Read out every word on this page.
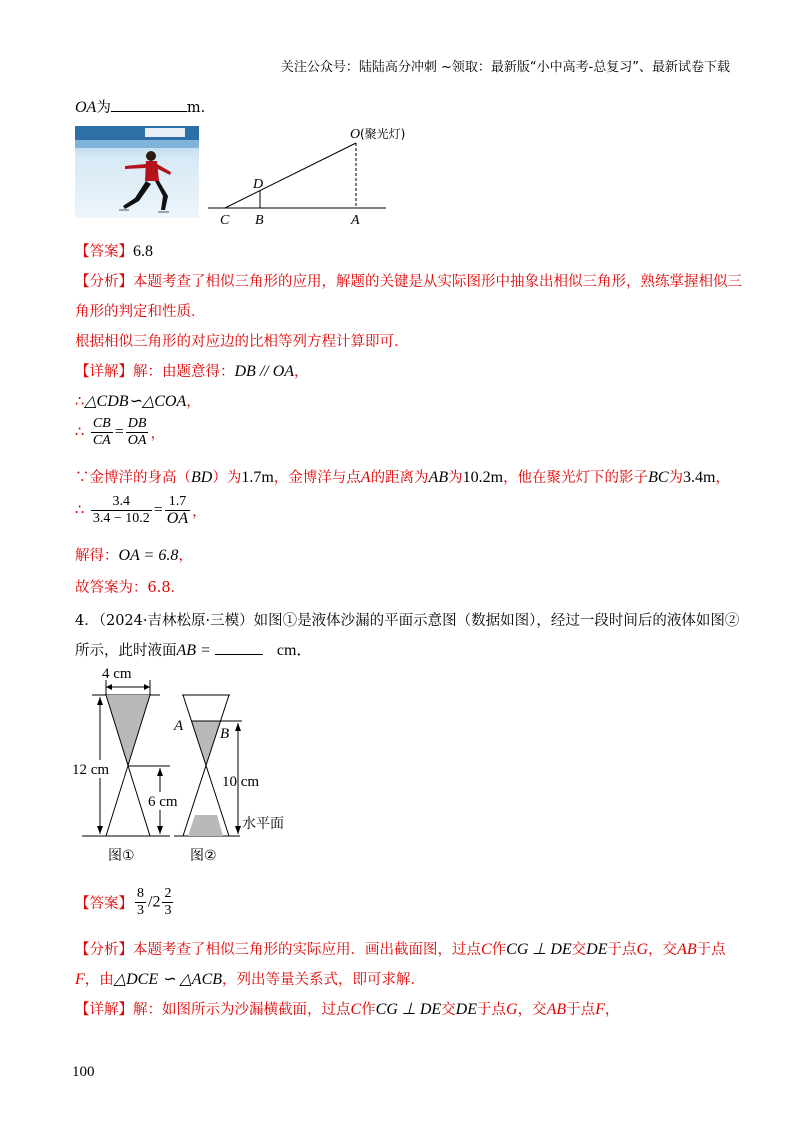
关注公众号：陆陆高分冲刺 ~领取：最新版“小中高考-总复习”、最新试卷下载
OA为	m.
O (聚光灯)
D
C B	A
【答案】6.8
【分析】本题考查了相似三角形的应用，解题的关键是从实际图形中抽象出相似三角形，熟练掌握相似三
角形的判定和性质．
根据相似三角形的对应边的比相等列方程计算即可．
【详解】解：由题意得：DB // OA，
∴△CDB∽△COA，
∴ $\frac{CB}{CA} = \frac{DB}{OA}$ ，
∵金博洋的身高（BD）为1.7m，金博洋与点A的距离为AB为10.2m，他在聚光灯下的影子BC为3.4m，
∴ $\frac{3.4}{3.4 - 10.2} = \frac{1.7}{OA}$ ，
解得：OA = 6.8，
故答案为：6.8．
4．（2024·吉林松原·三模）如图①是液体沙漏的平面示意图（数据如图），经过一段时间后的液体如图②
所示，此时液面AB =	cm．
4 cm
12 cm
6 cm
A B
10 cm
水平面
图①	图②
【答案】 $\frac{8}{3} /2 \frac{2}{3}$
【分析】本题考查了相似三角形的实际应用．画出截面图，过点C作CG ⊥ DE交DE于点G，交AB于点
F，由△DCE ∽ △ACB，列出等量关系式，即可求解．
【详解】解：如图所示为沙漏横截面，过点C作CG ⊥ DE交DE于点G，交AB于点F，
100
